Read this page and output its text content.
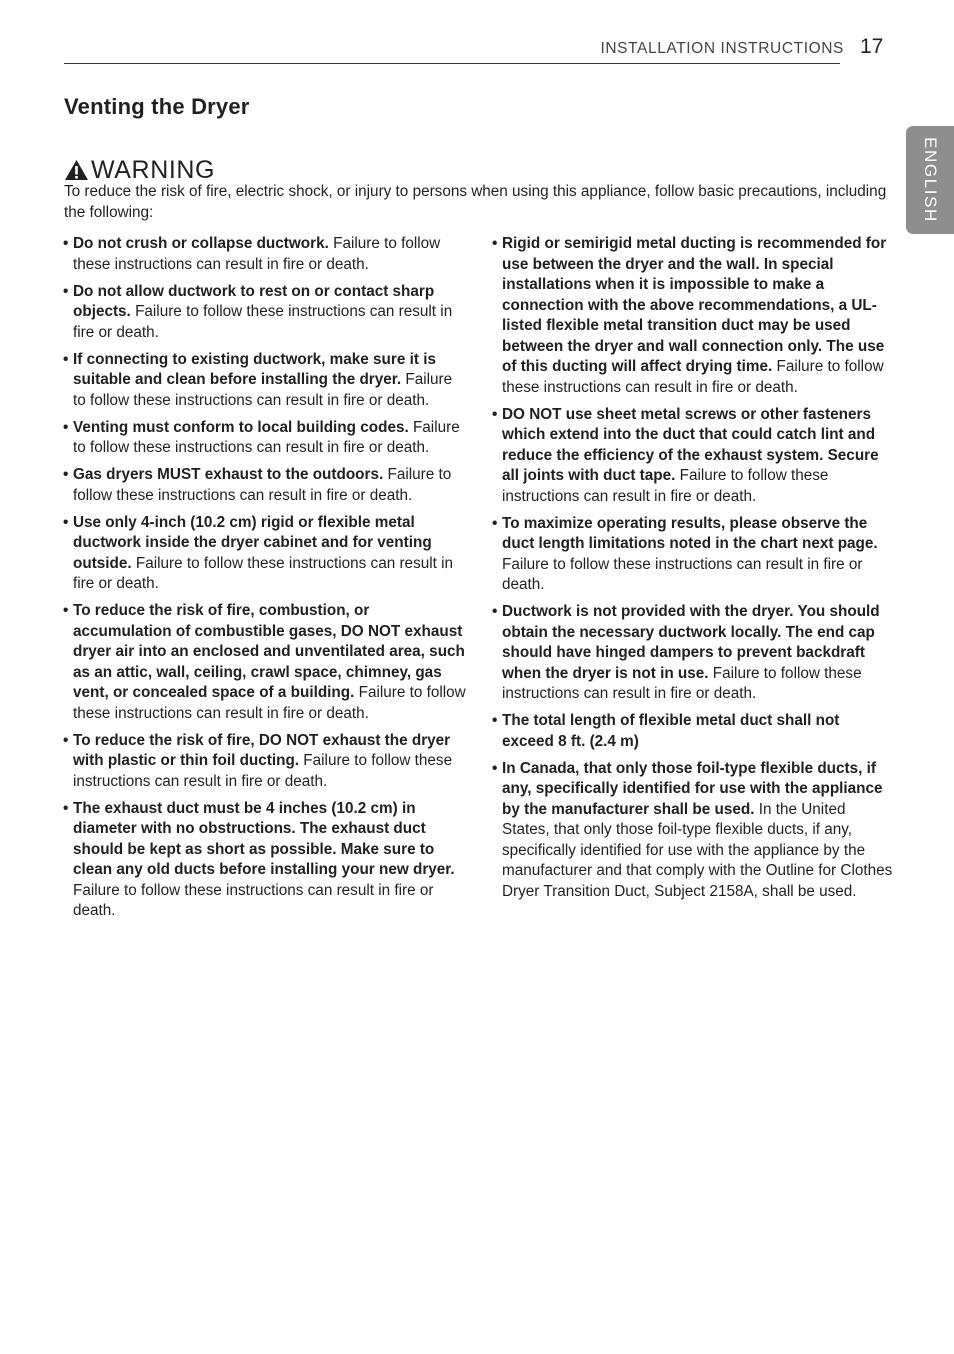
INSTALLATION INSTRUCTIONS 17
ENGLISH
Venting the Dryer
WARNING

To reduce the risk of fire, electric shock, or injury to persons when using this appliance, follow basic precautions, including the following:

• Do not crush or collapse ductwork. Failure to follow these instructions can result in fire or death.
• Do not allow ductwork to rest on or contact sharp objects. Failure to follow these instructions can result in fire or death.
• If connecting to existing ductwork, make sure it is suitable and clean before installing the dryer. Failure to follow these instructions can result in fire or death.
• Venting must conform to local building codes. Failure to follow these instructions can result in fire or death.
• Gas dryers MUST exhaust to the outdoors. Failure to follow these instructions can result in fire or death.
• Use only 4-inch (10.2 cm) rigid or flexible metal ductwork inside the dryer cabinet and for venting outside. Failure to follow these instructions can result in fire or death.
• To reduce the risk of fire, combustion, or accumulation of combustible gases, DO NOT exhaust dryer air into an enclosed and unventilated area, such as an attic, wall, ceiling, crawl space, chimney, gas vent, or concealed space of a building. Failure to follow these instructions can result in fire or death.
• To reduce the risk of fire, DO NOT exhaust the dryer with plastic or thin foil ducting. Failure to follow these instructions can result in fire or death.
• The exhaust duct must be 4 inches (10.2 cm) in diameter with no obstructions. The exhaust duct should be kept as short as possible. Make sure to clean any old ducts before installing your new dryer. Failure to follow these instructions can result in fire or death.
• Rigid or semirigid metal ducting is recommended for use between the dryer and the wall. In special installations when it is impossible to make a connection with the above recommendations, a UL-listed flexible metal transition duct may be used between the dryer and wall connection only. The use of this ducting will affect drying time. Failure to follow these instructions can result in fire or death.
• DO NOT use sheet metal screws or other fasteners which extend into the duct that could catch lint and reduce the efficiency of the exhaust system. Secure all joints with duct tape. Failure to follow these instructions can result in fire or death.
• To maximize operating results, please observe the duct length limitations noted in the chart next page. Failure to follow these instructions can result in fire or death.
• Ductwork is not provided with the dryer. You should obtain the necessary ductwork locally. The end cap should have hinged dampers to prevent backdraft when the dryer is not in use. Failure to follow these instructions can result in fire or death.
• The total length of flexible metal duct shall not exceed 8 ft. (2.4 m)
• In Canada, that only those foil-type flexible ducts, if any, specifically identified for use with the appliance by the manufacturer shall be used. In the United States, that only those foil-type flexible ducts, if any, specifically identified for use with the appliance by the manufacturer and that comply with the Outline for Clothes Dryer Transition Duct, Subject 2158A, shall be used.
